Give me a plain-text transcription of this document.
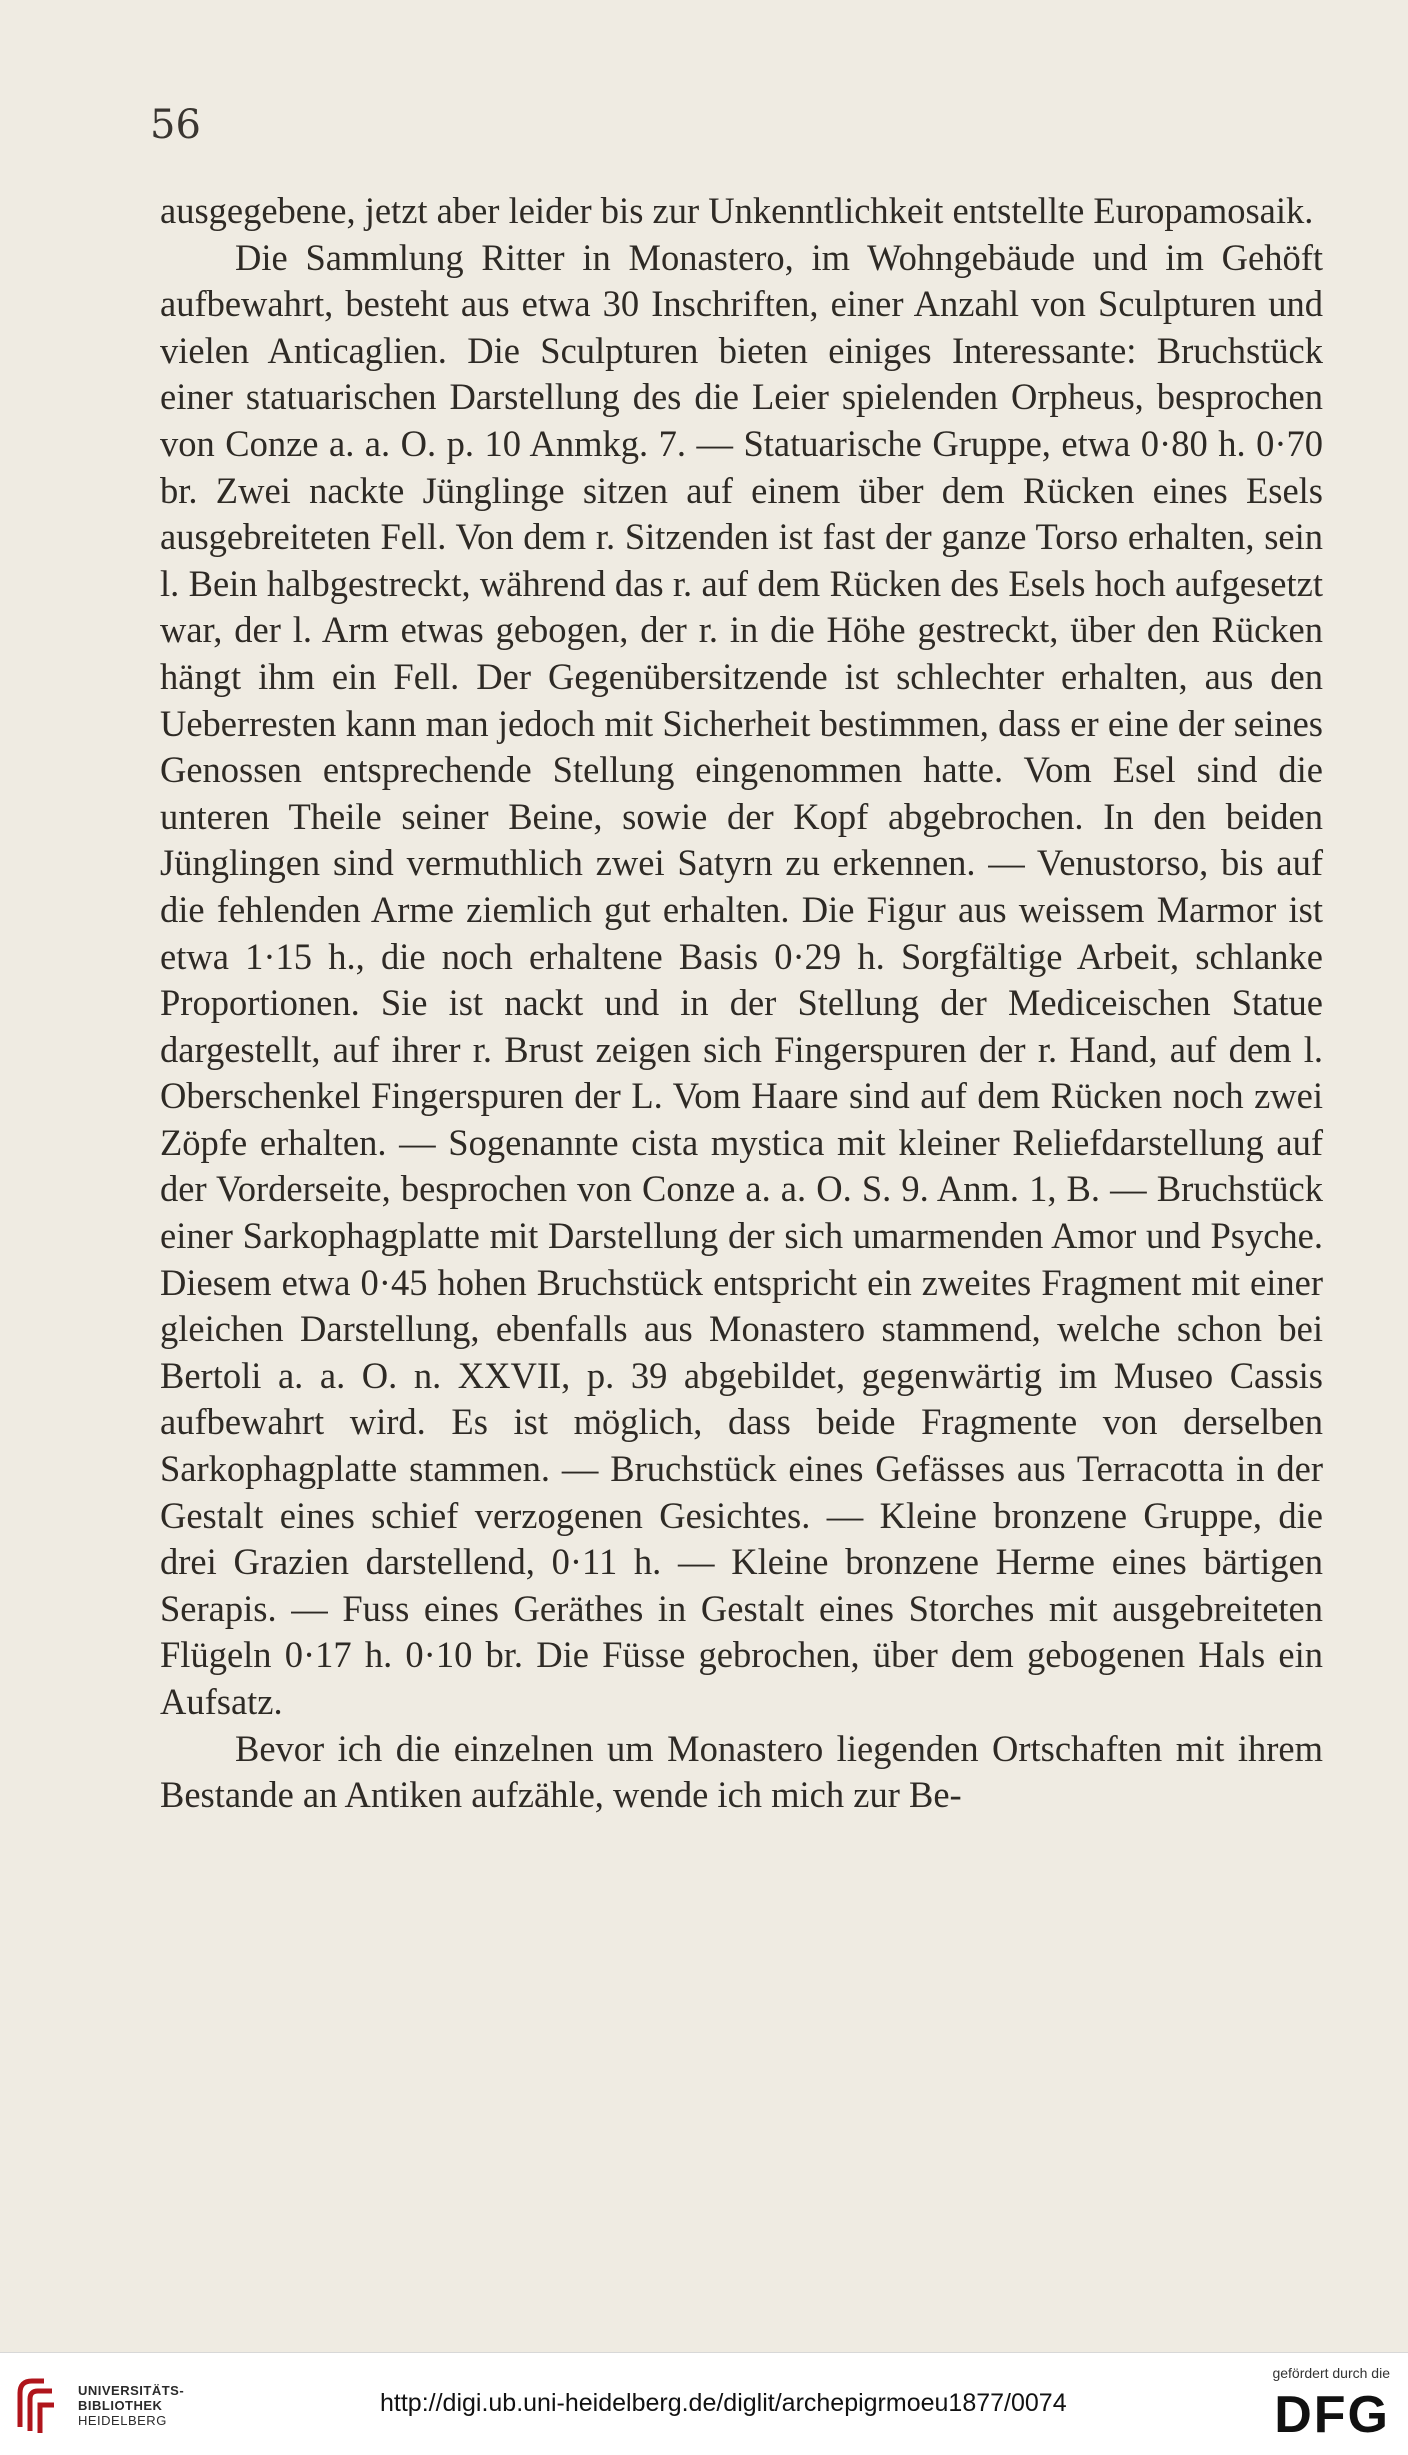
56

ausgegebene, jetzt aber leider bis zur Unkenntlichkeit entstellte Europamosaik.

Die Sammlung Ritter in Monastero, im Wohngebäude und im Gehöft aufbewahrt, besteht aus etwa 30 Inschriften, einer Anzahl von Sculpturen und vielen Anticaglien. Die Sculpturen bieten einiges Interessante: Bruchstück einer statuarischen Darstellung des die Leier spielenden Orpheus, besprochen von Conze a. a. O. p. 10 Anmkg. 7. — Statuarische Gruppe, etwa 0·80 h. 0·70 br. Zwei nackte Jünglinge sitzen auf einem über dem Rücken eines Esels ausgebreiteten Fell. Von dem r. Sitzenden ist fast der ganze Torso erhalten, sein l. Bein halbgestreckt, während das r. auf dem Rücken des Esels hoch aufgesetzt war, der l. Arm etwas gebogen, der r. in die Höhe gestreckt, über den Rücken hängt ihm ein Fell. Der Gegenübersitzende ist schlechter erhalten, aus den Ueberresten kann man jedoch mit Sicherheit bestimmen, dass er eine der seines Genossen entsprechende Stellung eingenommen hatte. Vom Esel sind die unteren Theile seiner Beine, sowie der Kopf abgebrochen. In den beiden Jünglingen sind vermuthlich zwei Satyrn zu erkennen. — Venustorso, bis auf die fehlenden Arme ziemlich gut erhalten. Die Figur aus weissem Marmor ist etwa 1·15 h., die noch erhaltene Basis 0·29 h. Sorgfältige Arbeit, schlanke Proportionen. Sie ist nackt und in der Stellung der Mediceischen Statue dargestellt, auf ihrer r. Brust zeigen sich Fingerspuren der r. Hand, auf dem l. Oberschenkel Fingerspuren der L. Vom Haare sind auf dem Rücken noch zwei Zöpfe erhalten. — Sogenannte cista mystica mit kleiner Reliefdarstellung auf der Vorderseite, besprochen von Conze a. a. O. S. 9. Anm. 1, B. — Bruchstück einer Sarkophagplatte mit Darstellung der sich umarmenden Amor und Psyche. Diesem etwa 0·45 hohen Bruchstück entspricht ein zweites Fragment mit einer gleichen Darstellung, ebenfalls aus Monastero stammend, welche schon bei Bertoli a. a. O. n. XXVII, p. 39 abgebildet, gegenwärtig im Museo Cassis aufbewahrt wird. Es ist möglich, dass beide Fragmente von derselben Sarkophagplatte stammen. — Bruchstück eines Gefässes aus Terracotta in der Gestalt eines schief verzogenen Gesichtes. — Kleine bronzene Gruppe, die drei Grazien darstellend, 0·11 h. — Kleine bronzene Herme eines bärtigen Serapis. — Fuss eines Geräthes in Gestalt eines Storches mit ausgebreiteten Flügeln 0·17 h. 0·10 br. Die Füsse gebrochen, über dem gebogenen Hals ein Aufsatz.

Bevor ich die einzelnen um Monastero liegenden Ortschaften mit ihrem Bestande an Antiken aufzähle, wende ich mich zur Be-

UNIVERSITÄTS-
BIBLIOTHEK
HEIDELBERG
http://digi.ub.uni-heidelberg.de/diglit/archepigrmoeu1877/0074
gefördert durch die
DFG
